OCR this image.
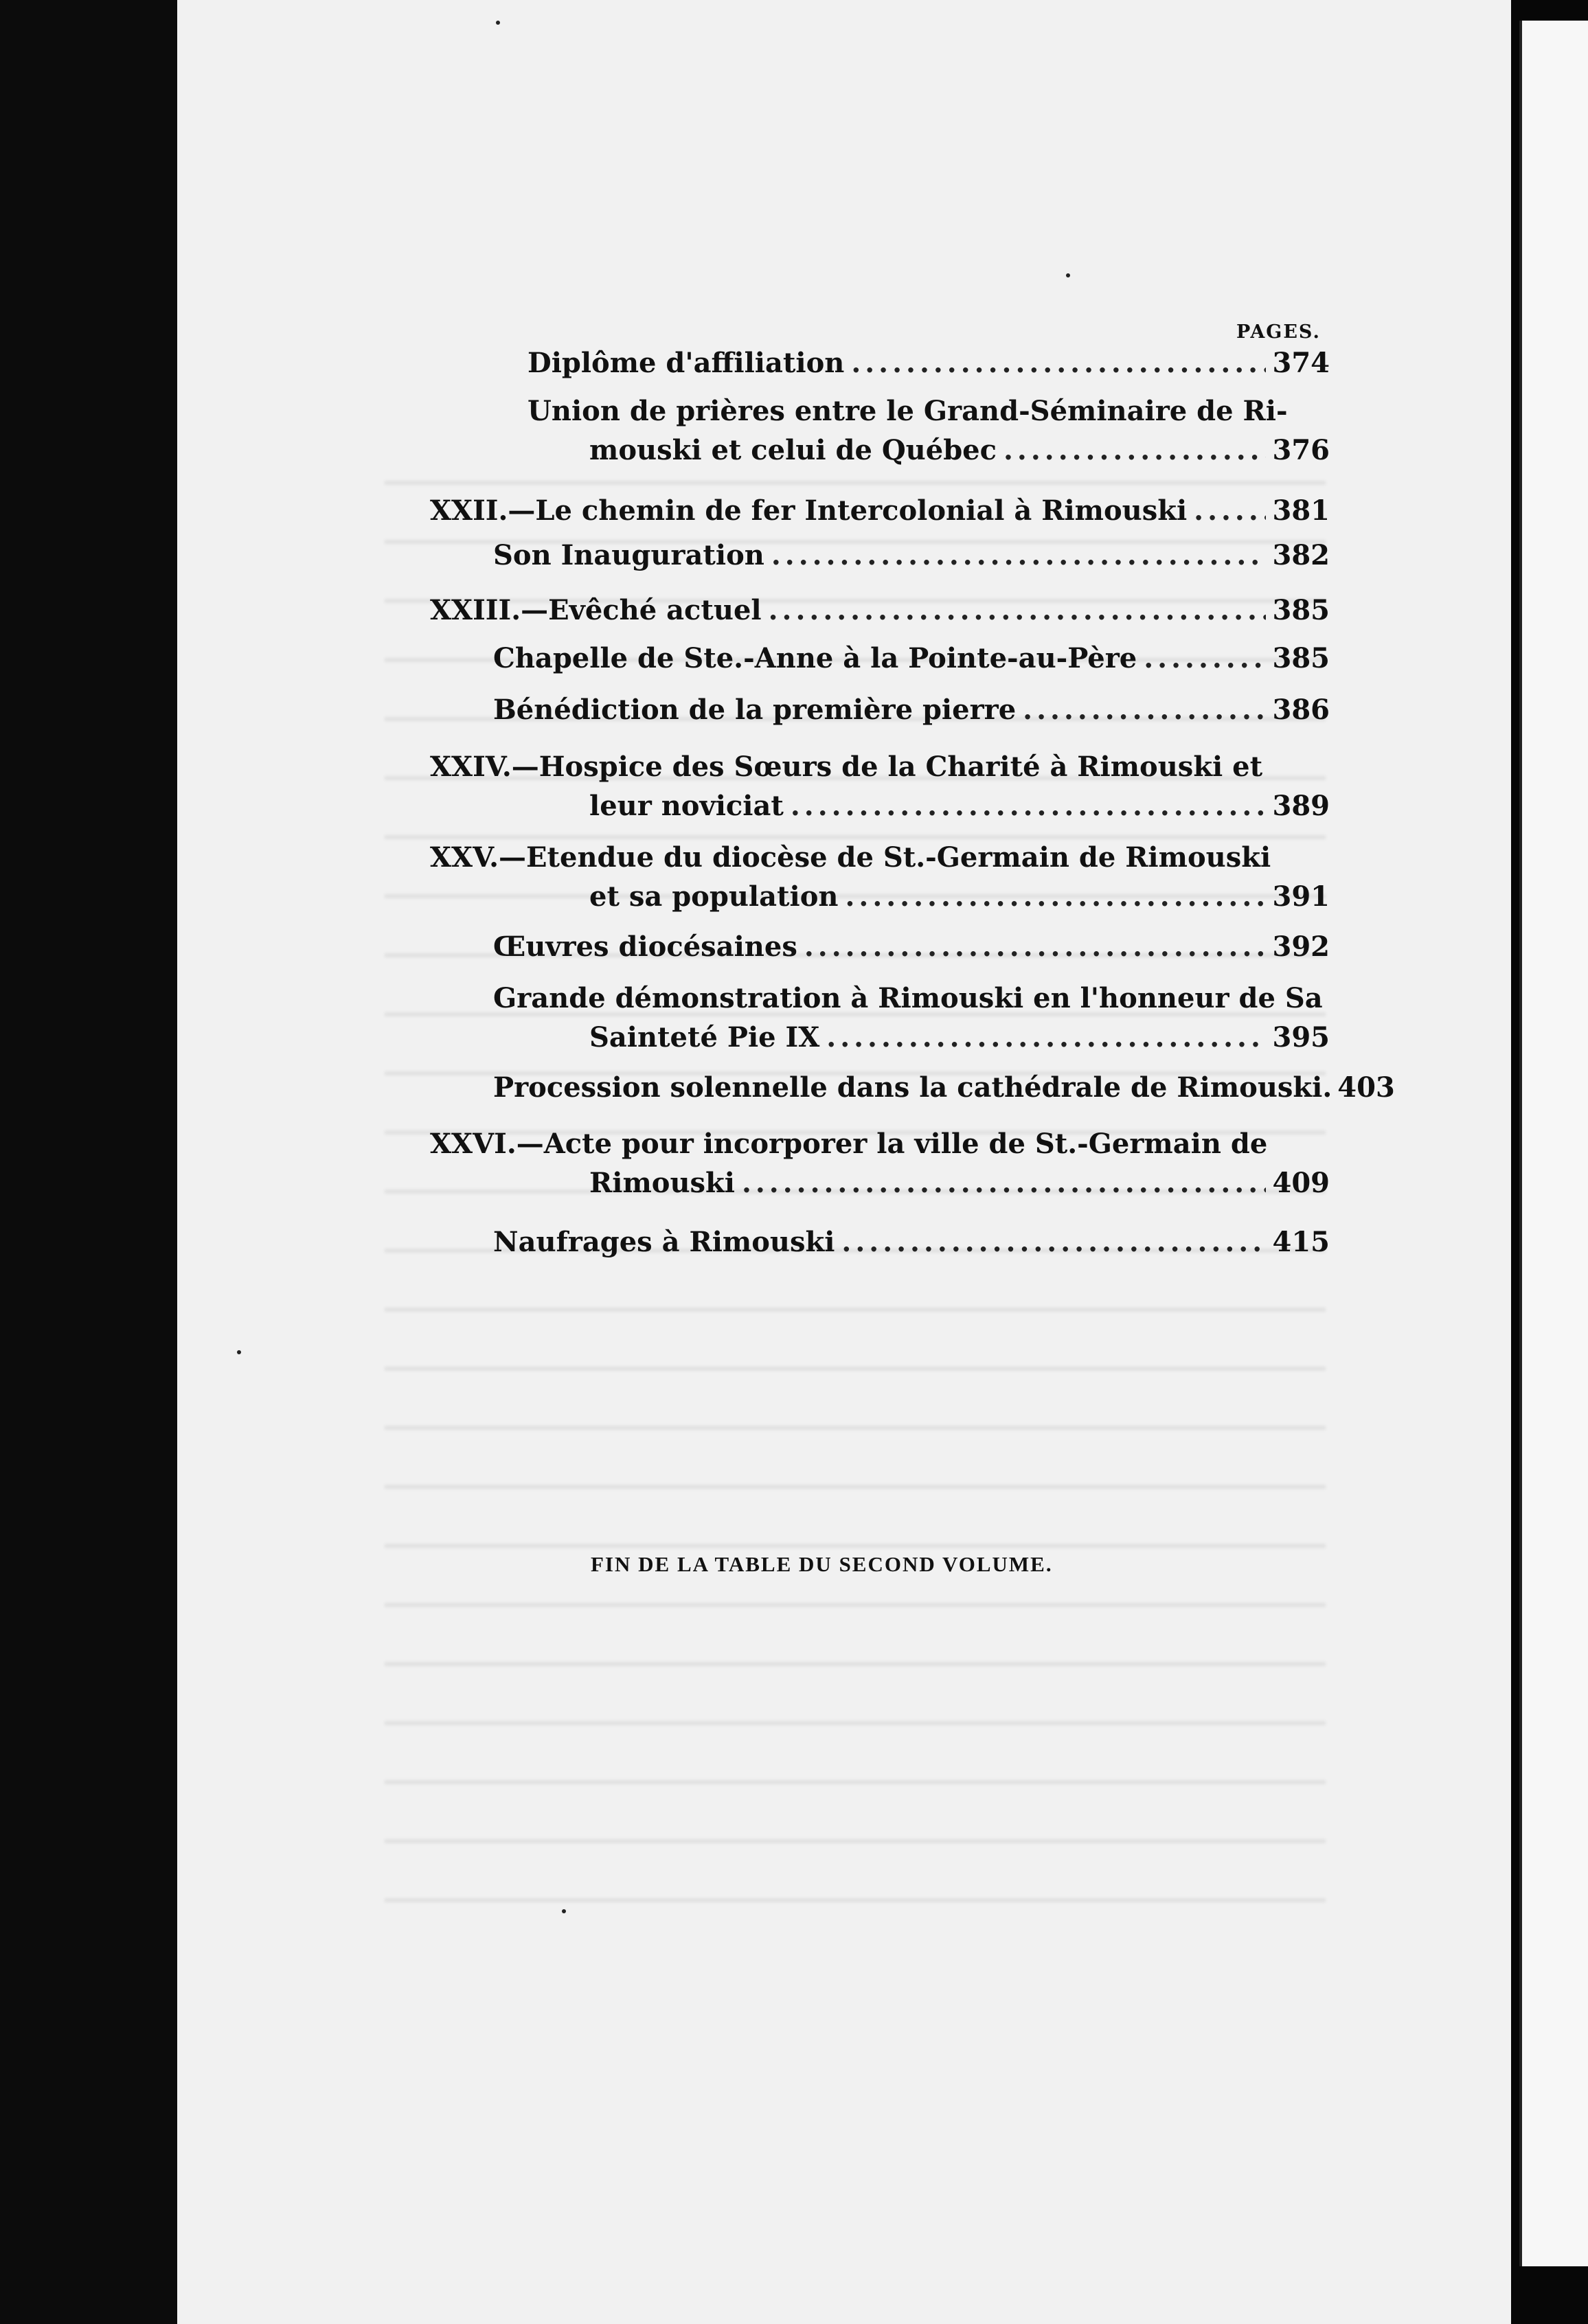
PAGES.
Diplôme d'affiliation .....	374
Union de prières entre le Grand-Séminaire de Ri-
mouski et celui de Québec .....	376
XXII.—Le chemin de fer Intercolonial à Rimouski .....	381
Son Inauguration .....	382
XXIII.—Evêché actuel .....	385
Chapelle de Ste.-Anne à la Pointe-au-Père .....	385
Bénédiction de la première pierre .....	386
XXIV.—Hospice des Sœurs de la Charité à Rimouski et
leur noviciat .....	389
XXV.—Etendue du diocèse de St.-Germain de Rimouski
et sa population .....	391
Œuvres diocésaines .....	392
Grande démonstration à Rimouski en l'honneur de Sa
Sainteté Pie IX .....	395
Procession solennelle dans la cathédrale de Rimouski. 403
XXVI.—Acte pour incorporer la ville de St.-Germain de
Rimouski .....	409
Naufrages à Rimouski .....	415
FIN DE LA TABLE DU SECOND VOLUME.
